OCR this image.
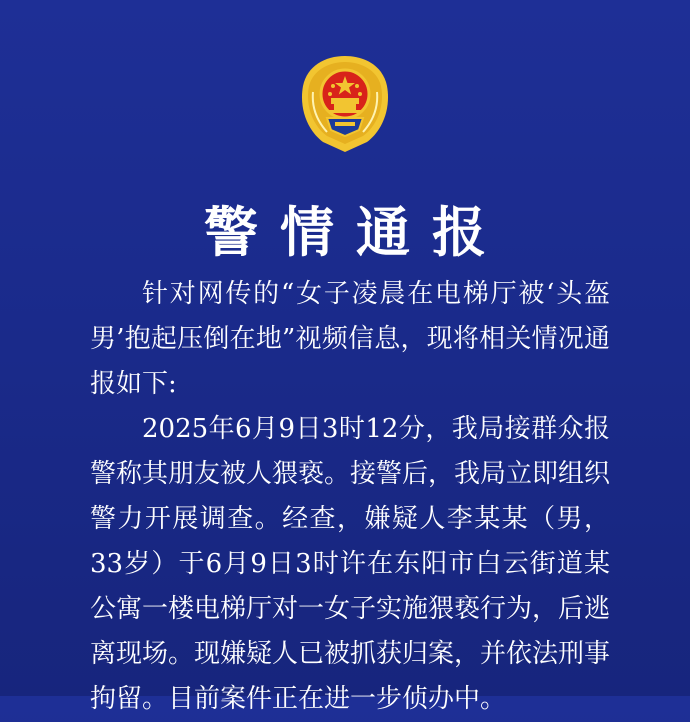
警情通报

针对网传的“女子凌晨在电梯厅被‘头盔男’抱起压倒在地”视频信息，现将相关情况通报如下:

2025年6月9日3时12分，我局接群众报警称其朋友被人猥亵。接警后，我局立即组织警力开展调查。经查，嫌疑人李某某（男，33岁）于6月9日3时许在东阳市白云街道某公寓一楼电梯厅对一女子实施猥亵行为，后逃离现场。现嫌疑人已被抓获归案，并依法刑事拘留。目前案件正在进一步侦办中。
